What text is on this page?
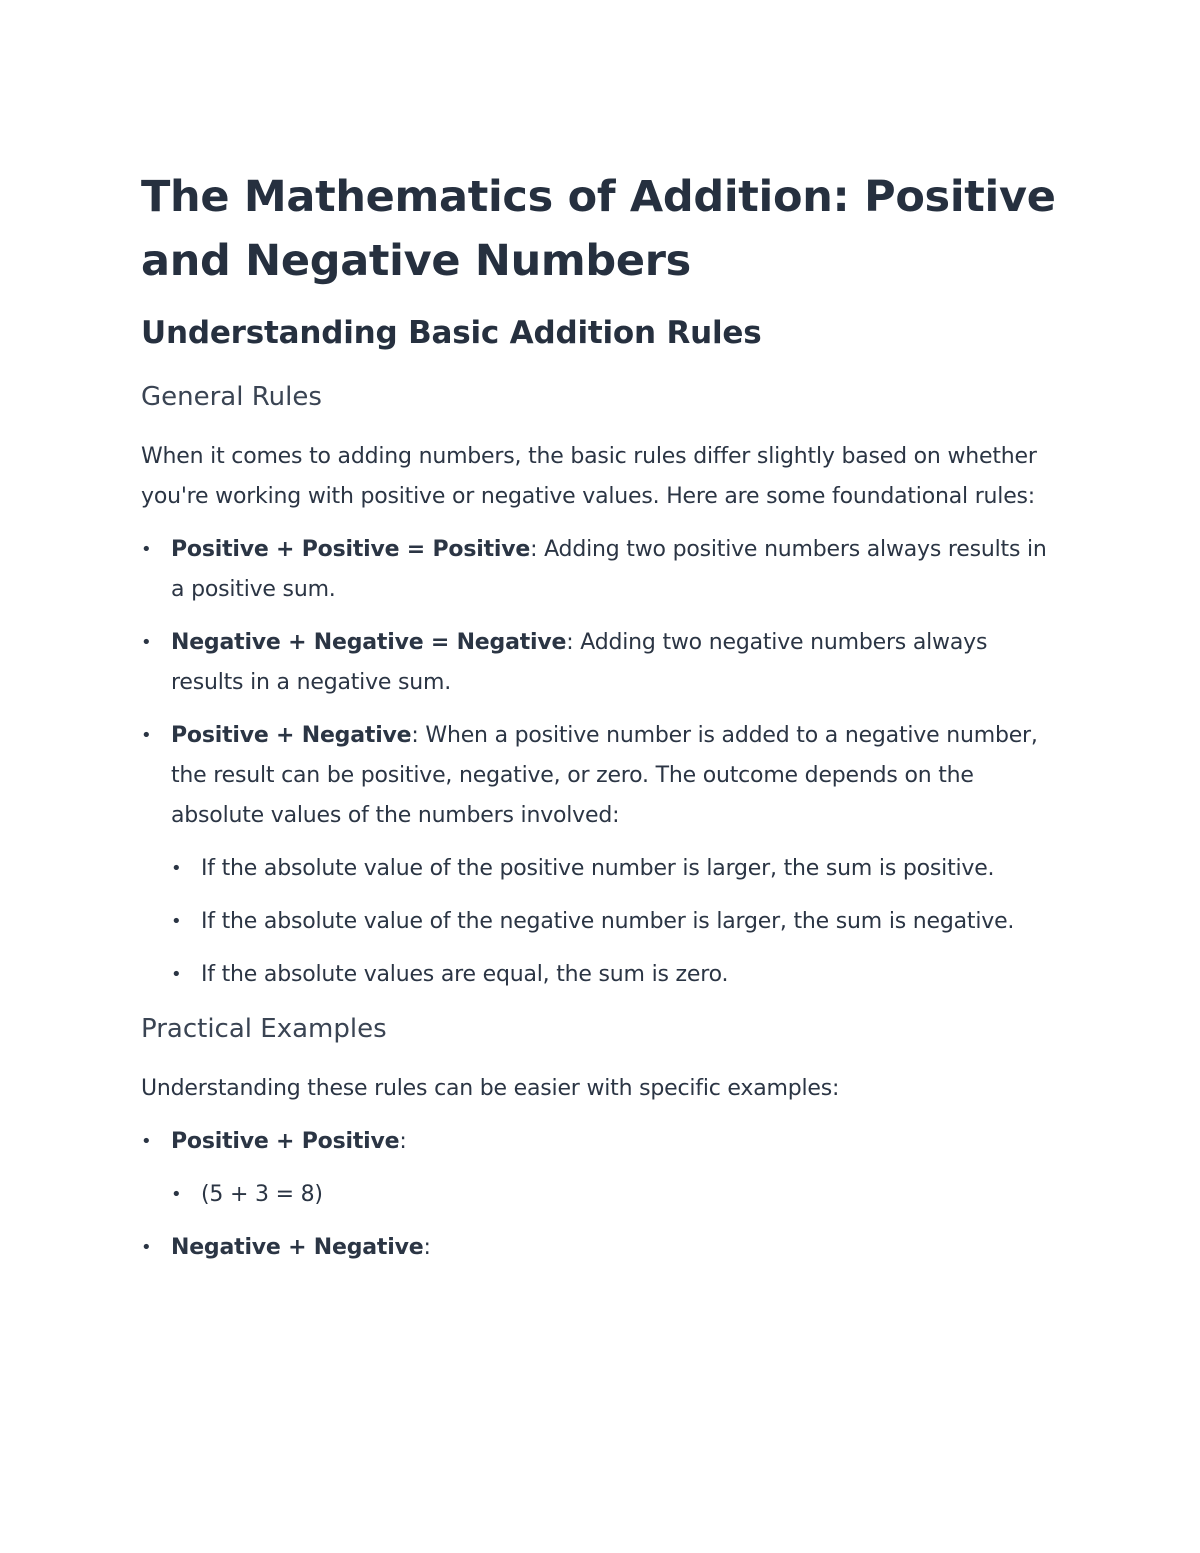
The Mathematics of Addition: Positive and Negative Numbers
Understanding Basic Addition Rules
General Rules

When it comes to adding numbers, the basic rules differ slightly based on whether you're working with positive or negative values. Here are some foundational rules:

• Positive + Positive = Positive: Adding two positive numbers always results in a positive sum.
• Negative + Negative = Negative: Adding two negative numbers always results in a negative sum.
• Positive + Negative: When a positive number is added to a negative number, the result can be positive, negative, or zero. The outcome depends on the absolute values of the numbers involved:
• If the absolute value of the positive number is larger, the sum is positive.
• If the absolute value of the negative number is larger, the sum is negative.
• If the absolute values are equal, the sum is zero.
Practical Examples

Understanding these rules can be easier with specific examples:

• Positive + Positive:
• (5 + 3 = 8)
• Negative + Negative:
